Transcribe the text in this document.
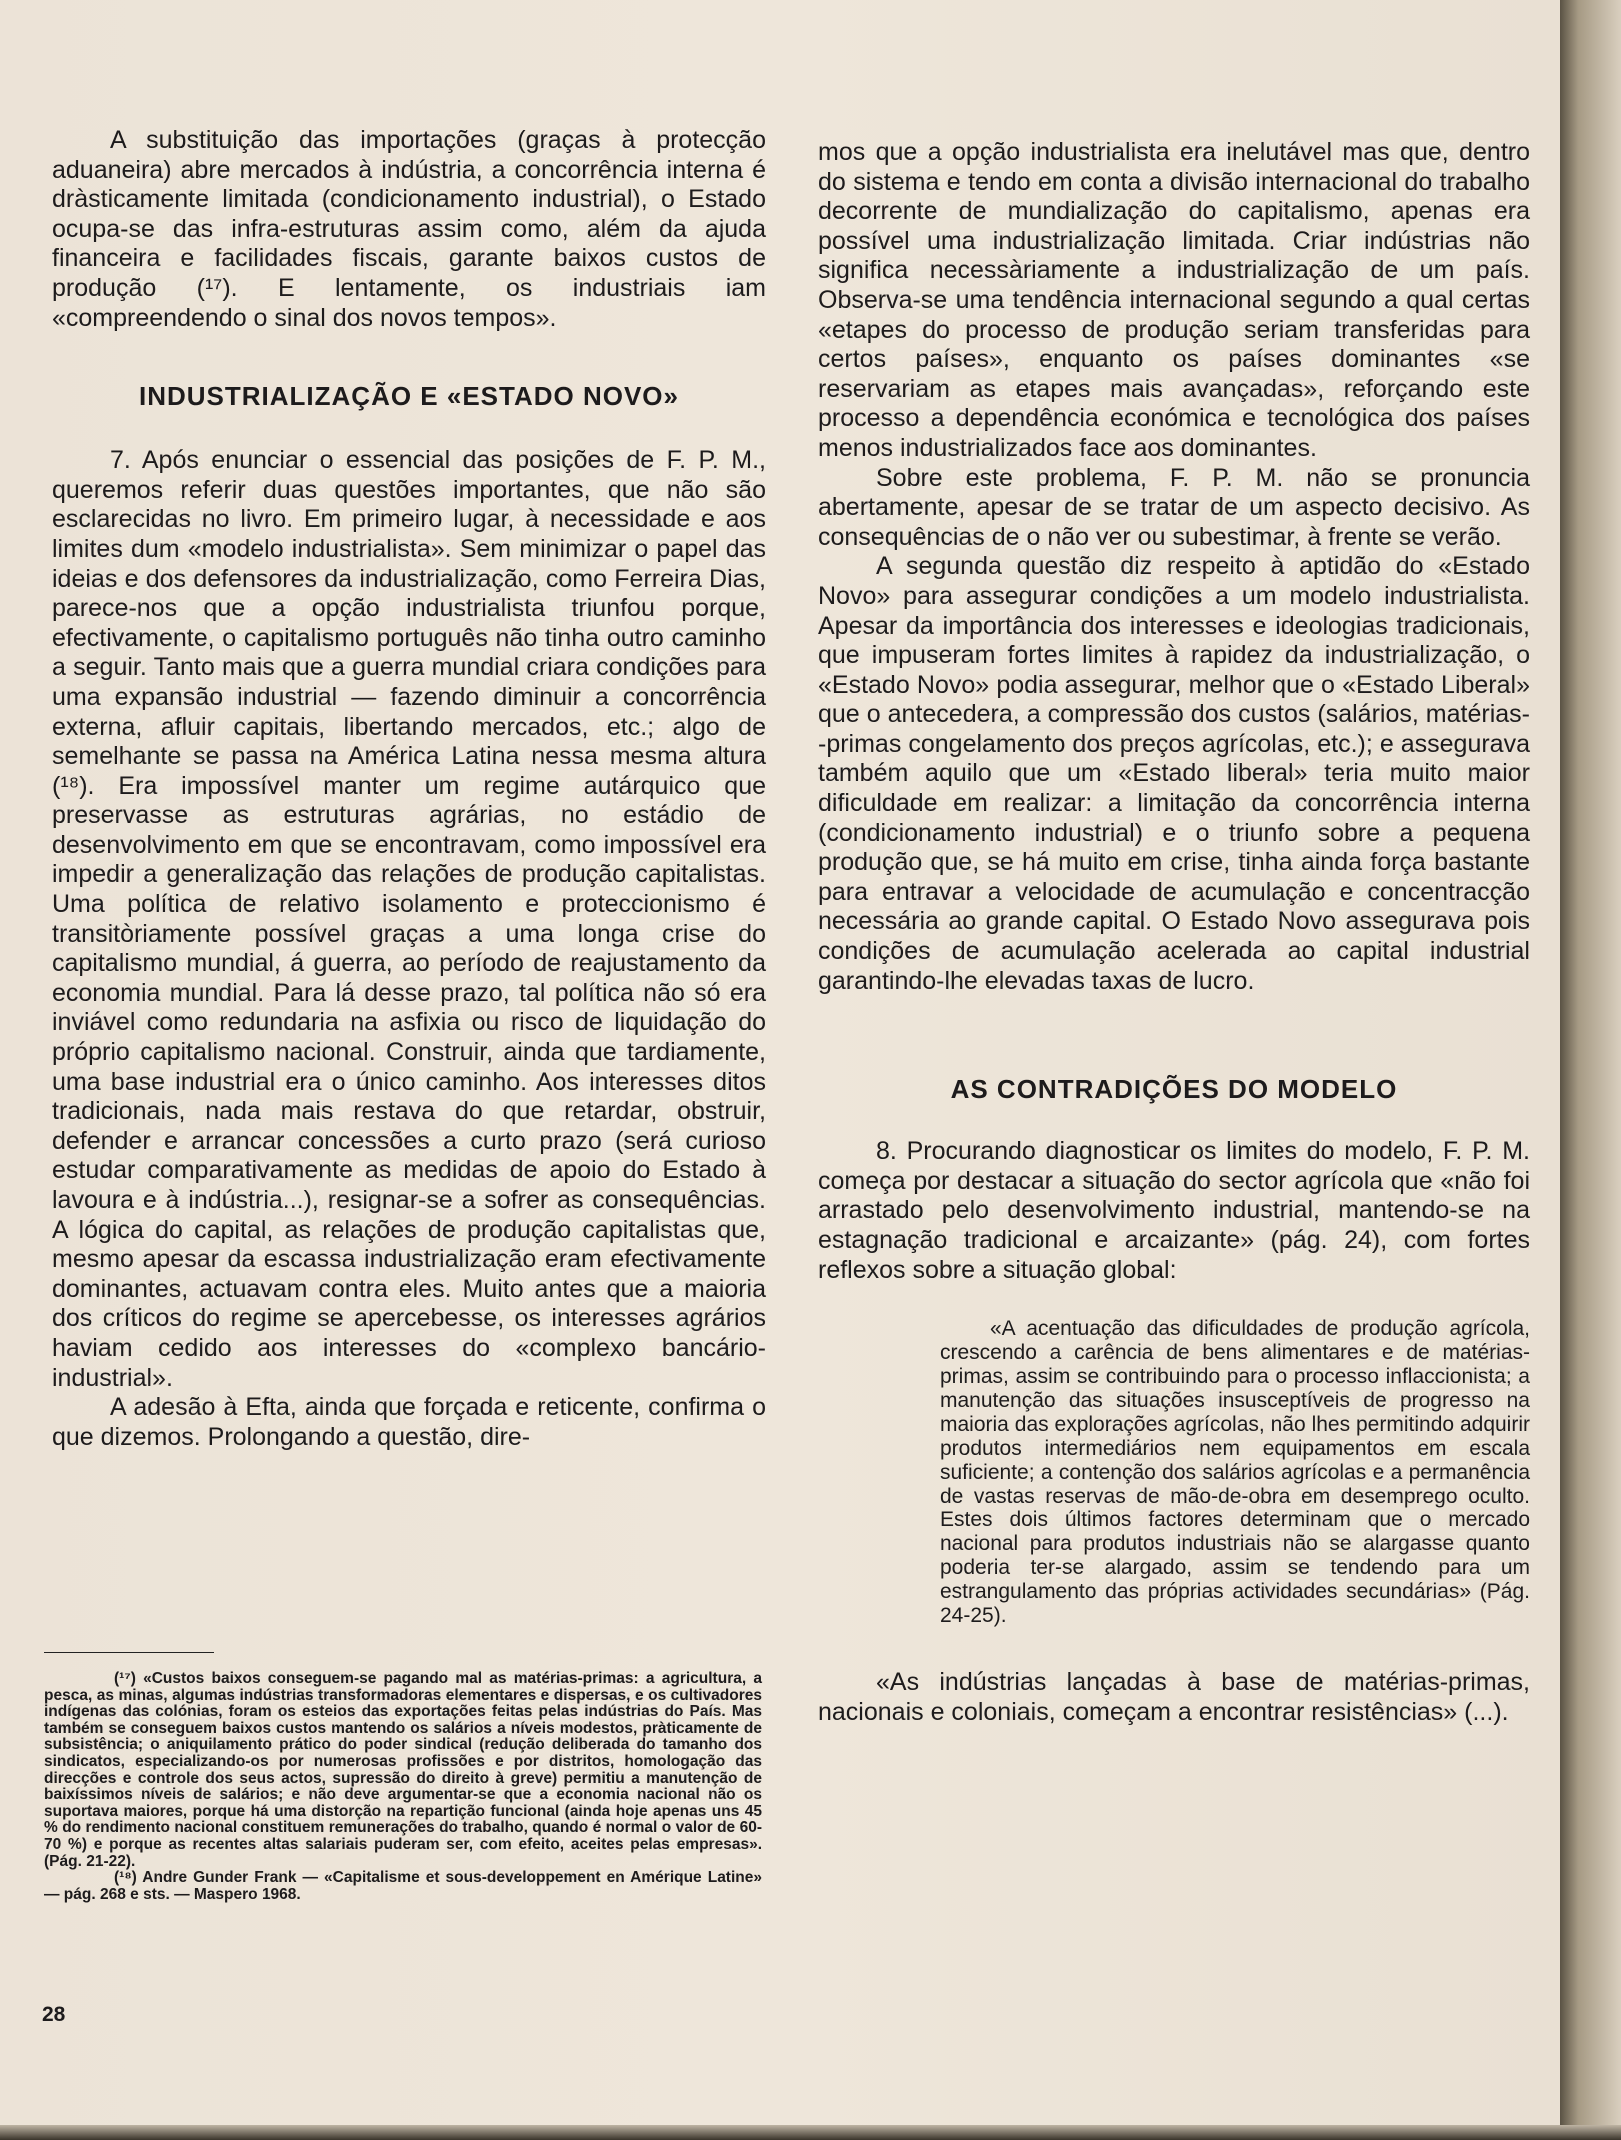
A substituição das importações (graças à protecção aduaneira) abre mercados à indústria, a concorrência interna é dràsticamente limitada (condicionamento industrial), o Estado ocupa-se das infra-estruturas assim como, além da ajuda financeira e facilidades fiscais, garante baixos custos de produção (¹⁷). E lentamente, os industriais iam «compreendendo o sinal dos novos tempos».

INDUSTRIALIZAÇÃO E «ESTADO NOVO»

7. Após enunciar o essencial das posições de F. P. M., queremos referir duas questões importantes, que não são esclarecidas no livro. Em primeiro lugar, à necessidade e aos limites dum «modelo industrialista». Sem minimizar o papel das ideias e dos defensores da industrialização, como Ferreira Dias, parece-nos que a opção industrialista triunfou porque, efectivamente, o capitalismo português não tinha outro caminho a seguir. Tanto mais que a guerra mundial criara condições para uma expansão industrial — fazendo diminuir a concorrência externa, afluir capitais, libertando mercados, etc.; algo de semelhante se passa na América Latina nessa mesma altura (¹⁸). Era impossível manter um regime autárquico que preservasse as estruturas agrárias, no estádio de desenvolvimento em que se encontravam, como impossível era impedir a generalização das relações de produção capitalistas. Uma política de relativo isolamento e proteccionismo é transitòriamente possível graças a uma longa crise do capitalismo mundial, á guerra, ao período de reajustamento da economia mundial. Para lá desse prazo, tal política não só era inviável como redundaria na asfixia ou risco de liquidação do próprio capitalismo nacional. Construir, ainda que tardiamente, uma base industrial era o único caminho. Aos interesses ditos tradicionais, nada mais restava do que retardar, obstruir, defender e arrancar concessões a curto prazo (será curioso estudar comparativamente as medidas de apoio do Estado à lavoura e à indústria...), resignar-se a sofrer as consequências. A lógica do capital, as relações de produção capitalistas que, mesmo apesar da escassa industrialização eram efectivamente dominantes, actuavam contra eles. Muito antes que a maioria dos críticos do regime se apercebesse, os interesses agrários haviam cedido aos interesses do «complexo bancário-industrial».

A adesão à Efta, ainda que forçada e reticente, confirma o que dizemos. Prolongando a questão, dire-

(¹⁷) «Custos baixos conseguem-se pagando mal as matérias-primas: a agricultura, a pesca, as minas, algumas indústrias transformadoras elementares e dispersas, e os cultivadores indígenas das colónias, foram os esteios das exportações feitas pelas indústrias do País. Mas também se conseguem baixos custos mantendo os salários a níveis modestos, pràticamente de subsistência; o aniquilamento prático do poder sindical (redução deliberada do tamanho dos sindicatos, especializando-os por numerosas profissões e por distritos, homologação das direcções e controle dos seus actos, supressão do direito à greve) permitiu a manutenção de baixíssimos níveis de salários; e não deve argumentar-se que a economia nacional não os suportava maiores, porque há uma distorção na repartição funcional (ainda hoje apenas uns 45 % do rendimento nacional constituem remunerações do trabalho, quando é normal o valor de 60-70 %) e porque as recentes altas salariais puderam ser, com efeito, aceites pelas empresas». (Pág. 21-22).

(¹⁸) Andre Gunder Frank — «Capitalisme et sous-developpement en Amérique Latine» — pág. 268 e sts. — Maspero 1968.

mos que a opção industrialista era inelutável mas que, dentro do sistema e tendo em conta a divisão internacional do trabalho decorrente de mundialização do capitalismo, apenas era possível uma industrialização limitada. Criar indústrias não significa necessàriamente a industrialização de um país. Observa-se uma tendência internacional segundo a qual certas «etapes do processo de produção seriam transferidas para certos países», enquanto os países dominantes «se reservariam as etapes mais avançadas», reforçando este processo a dependência económica e tecnológica dos países menos industrializados face aos dominantes.

Sobre este problema, F. P. M. não se pronuncia abertamente, apesar de se tratar de um aspecto decisivo. As consequências de o não ver ou subestimar, à frente se verão.

A segunda questão diz respeito à aptidão do «Estado Novo» para assegurar condições a um modelo industrialista. Apesar da importância dos interesses e ideologias tradicionais, que impuseram fortes limites à rapidez da industrialização, o «Estado Novo» podia assegurar, melhor que o «Estado Liberal» que o antecedera, a compressão dos custos (salários, matérias--primas congelamento dos preços agrícolas, etc.); e assegurava também aquilo que um «Estado liberal» teria muito maior dificuldade em realizar: a limitação da concorrência interna (condicionamento industrial) e o triunfo sobre a pequena produção que, se há muito em crise, tinha ainda força bastante para entravar a velocidade de acumulação e concentracção necessária ao grande capital. O Estado Novo assegurava pois condições de acumulação acelerada ao capital industrial garantindo-lhe elevadas taxas de lucro.

AS CONTRADIÇÕES DO MODELO

8. Procurando diagnosticar os limites do modelo, F. P. M. começa por destacar a situação do sector agrícola que «não foi arrastado pelo desenvolvimento industrial, mantendo-se na estagnação tradicional e arcaizante» (pág. 24), com fortes reflexos sobre a situação global:

«A acentuação das dificuldades de produção agrícola, crescendo a carência de bens alimentares e de matérias-primas, assim se contribuindo para o processo inflaccionista; a manutenção das situações insusceptíveis de progresso na maioria das explorações agrícolas, não lhes permitindo adquirir produtos intermediários nem equipamentos em escala suficiente; a contenção dos salários agrícolas e a permanência de vastas reservas de mão-de-obra em desemprego oculto. Estes dois últimos factores determinam que o mercado nacional para produtos industriais não se alargasse quanto poderia ter-se alargado, assim se tendendo para um estrangulamento das próprias actividades secundárias» (Pág. 24-25).

«As indústrias lançadas à base de matérias-primas, nacionais e coloniais, começam a encontrar resistências» (...).

28
